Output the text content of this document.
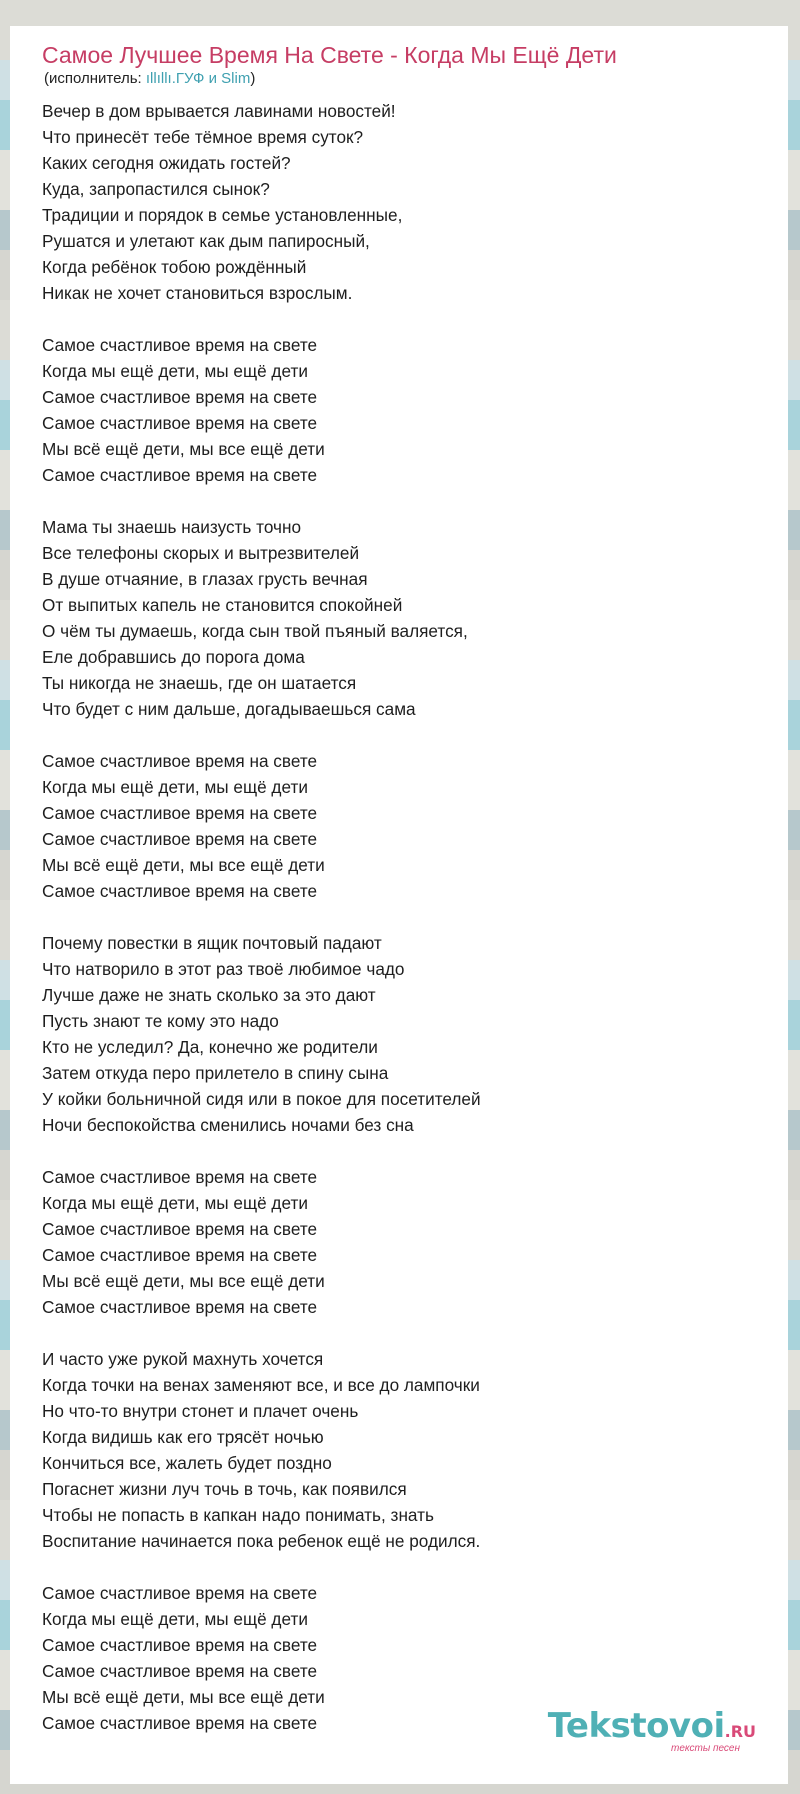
Самое Лучшее Время На Свете - Когда Мы Ещё Дети
(исполнитель: ıllıllı.ГУФ и Slim)
Вечер в дом врывается лавинами новостей!
Что принесёт тебе тёмное время суток?
Каких сегодня ожидать гостей?
Куда, запропастился сынок?
Традиции и порядок в семье установленные,
Рушатся и улетают как дым папиросный,
Когда ребёнок тобою рождённый
Никак не хочет становиться взрослым.
Самое счастливое время на свете
Когда мы ещё дети, мы ещё дети
Самое счастливое время на свете
Самое счастливое время на свете
Мы всё ещё дети, мы все ещё дети
Самое счастливое время на свете
Мама ты знаешь наизусть точно
Все телефоны скорых и вытрезвителей
В душе отчаяние, в глазах грусть вечная
От выпитых капель не становится спокойней
О чём ты думаешь, когда сын твой пъяный валяется,
Еле добравшись до порога дома
Ты никогда не знаешь, где он шатается
Что будет с ним дальше, догадываешься сама
Самое счастливое время на свете
Когда мы ещё дети, мы ещё дети
Самое счастливое время на свете
Самое счастливое время на свете
Мы всё ещё дети, мы все ещё дети
Самое счастливое время на свете
Почему повестки в ящик почтовый падают
Что натворило в этот раз твоё любимое чадо
Лучше даже не знать сколько за это дают
Пусть знают те кому это надо
Кто не уследил? Да, конечно же родители
Затем откуда перо прилетело в спину сына
У койки больничной сидя или в покое для посетителей
Ночи беспокойства сменились ночами без сна
Самое счастливое время на свете
Когда мы ещё дети, мы ещё дети
Самое счастливое время на свете
Самое счастливое время на свете
Мы всё ещё дети, мы все ещё дети
Самое счастливое время на свете
И часто уже рукой махнуть хочется
Когда точки на венах заменяют все, и все до лампочки
Но что-то внутри стонет и плачет очень
Когда видишь как его трясёт ночью
Кончиться все, жалеть будет поздно
Погаснет жизни луч точь в точь, как появился
Чтобы не попасть в капкан надо понимать, знать
Воспитание начинается пока ребенок ещё не родился.
Самое счастливое время на свете
Когда мы ещё дети, мы ещё дети
Самое счастливое время на свете
Самое счастливое время на свете
Мы всё ещё дети, мы все ещё дети
Самое счастливое время на свете	Tekstovoi.RU
тексты песен
